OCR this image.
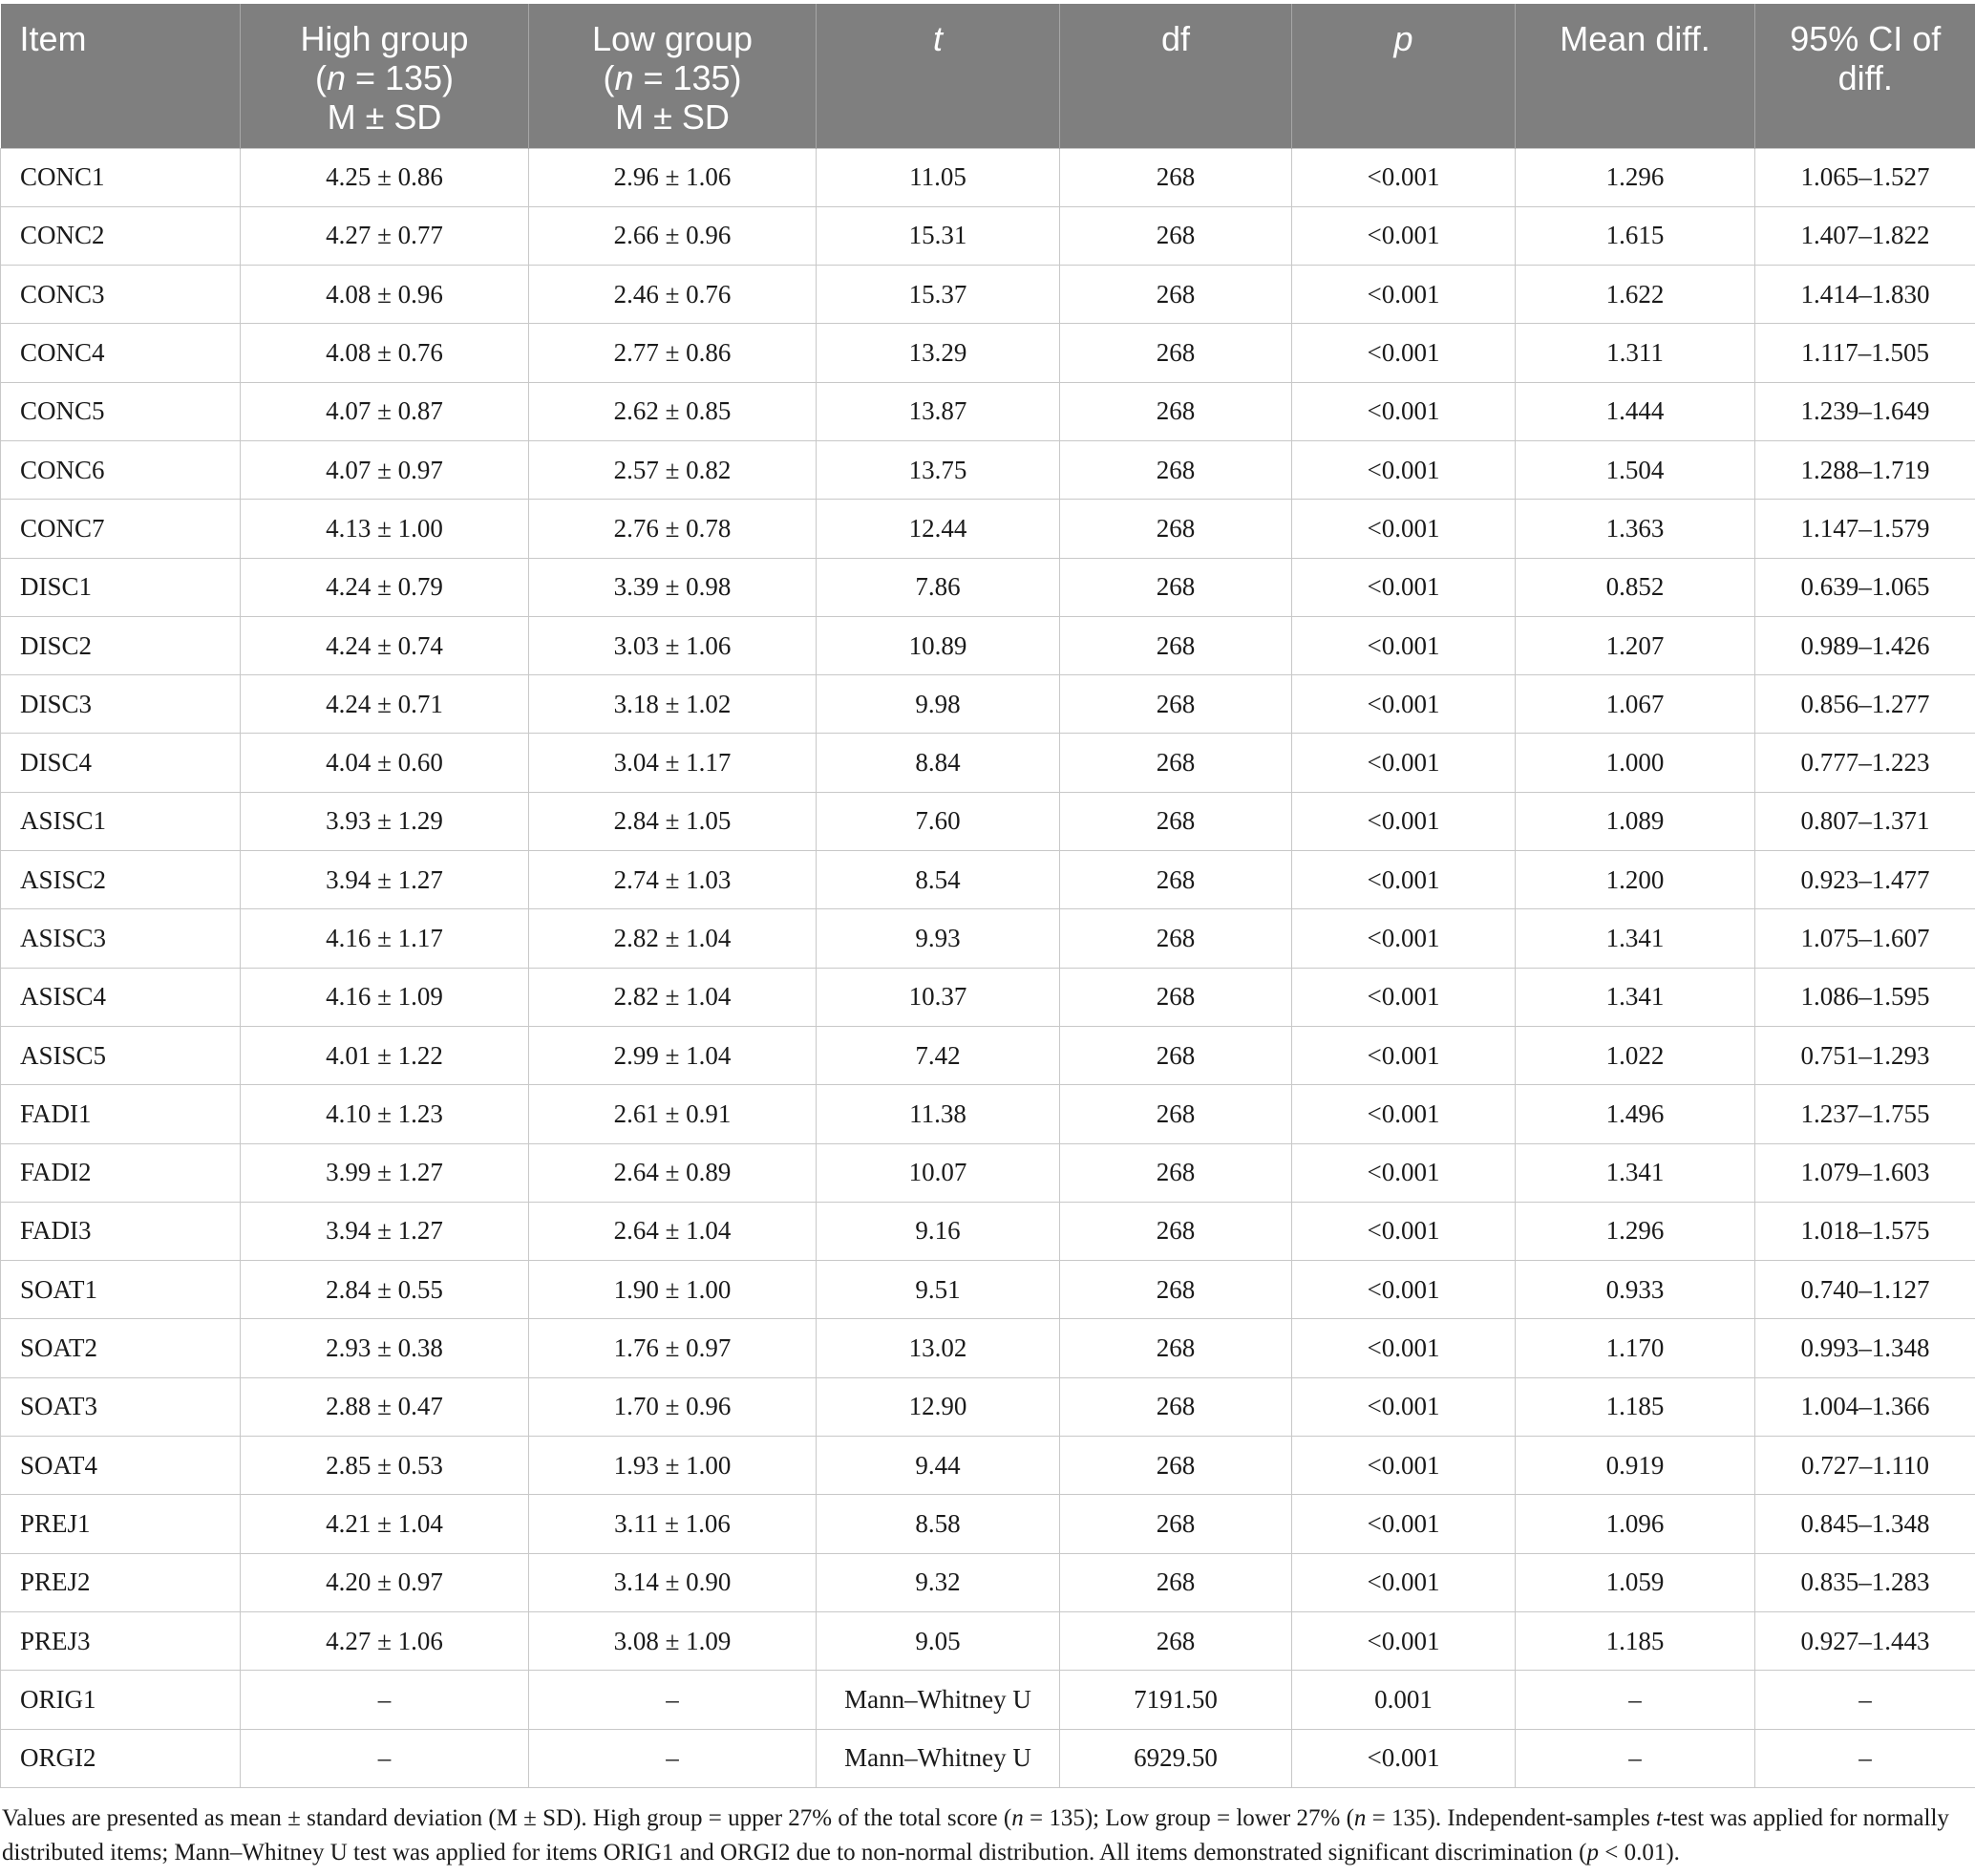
Item	High group
(n = 135)
M ± SD	Low group
(n = 135)
M ± SD	t	df	p	Mean diff.	95% CI of
diff.

CONC1	4.25 ± 0.86	2.96 ± 1.06	11.05	268	<0.001	1.296	1.065–1.527
CONC2	4.27 ± 0.77	2.66 ± 0.96	15.31	268	<0.001	1.615	1.407–1.822
CONC3	4.08 ± 0.96	2.46 ± 0.76	15.37	268	<0.001	1.622	1.414–1.830
CONC4	4.08 ± 0.76	2.77 ± 0.86	13.29	268	<0.001	1.311	1.117–1.505
CONC5	4.07 ± 0.87	2.62 ± 0.85	13.87	268	<0.001	1.444	1.239–1.649
CONC6	4.07 ± 0.97	2.57 ± 0.82	13.75	268	<0.001	1.504	1.288–1.719
CONC7	4.13 ± 1.00	2.76 ± 0.78	12.44	268	<0.001	1.363	1.147–1.579
DISC1	4.24 ± 0.79	3.39 ± 0.98	7.86	268	<0.001	0.852	0.639–1.065
DISC2	4.24 ± 0.74	3.03 ± 1.06	10.89	268	<0.001	1.207	0.989–1.426
DISC3	4.24 ± 0.71	3.18 ± 1.02	9.98	268	<0.001	1.067	0.856–1.277
DISC4	4.04 ± 0.60	3.04 ± 1.17	8.84	268	<0.001	1.000	0.777–1.223
ASISC1	3.93 ± 1.29	2.84 ± 1.05	7.60	268	<0.001	1.089	0.807–1.371
ASISC2	3.94 ± 1.27	2.74 ± 1.03	8.54	268	<0.001	1.200	0.923–1.477
ASISC3	4.16 ± 1.17	2.82 ± 1.04	9.93	268	<0.001	1.341	1.075–1.607
ASISC4	4.16 ± 1.09	2.82 ± 1.04	10.37	268	<0.001	1.341	1.086–1.595
ASISC5	4.01 ± 1.22	2.99 ± 1.04	7.42	268	<0.001	1.022	0.751–1.293
FADI1	4.10 ± 1.23	2.61 ± 0.91	11.38	268	<0.001	1.496	1.237–1.755
FADI2	3.99 ± 1.27	2.64 ± 0.89	10.07	268	<0.001	1.341	1.079–1.603
FADI3	3.94 ± 1.27	2.64 ± 1.04	9.16	268	<0.001	1.296	1.018–1.575
SOAT1	2.84 ± 0.55	1.90 ± 1.00	9.51	268	<0.001	0.933	0.740–1.127
SOAT2	2.93 ± 0.38	1.76 ± 0.97	13.02	268	<0.001	1.170	0.993–1.348
SOAT3	2.88 ± 0.47	1.70 ± 0.96	12.90	268	<0.001	1.185	1.004–1.366
SOAT4	2.85 ± 0.53	1.93 ± 1.00	9.44	268	<0.001	0.919	0.727–1.110
PREJ1	4.21 ± 1.04	3.11 ± 1.06	8.58	268	<0.001	1.096	0.845–1.348
PREJ2	4.20 ± 0.97	3.14 ± 0.90	9.32	268	<0.001	1.059	0.835–1.283
PREJ3	4.27 ± 1.06	3.08 ± 1.09	9.05	268	<0.001	1.185	0.927–1.443
ORIG1	–	–	Mann–Whitney U	7191.50	0.001	–	–
ORGI2	–	–	Mann–Whitney U	6929.50	<0.001	–	–
Values are presented as mean ± standard deviation (M ± SD). High group = upper 27% of the total score (n = 135); Low group = lower 27% (n = 135). Independent-samples t-test was applied for normally distributed items; Mann–Whitney U test was applied for items ORIG1 and ORGI2 due to non-normal distribution. All items demonstrated significant discrimination (p < 0.01).
